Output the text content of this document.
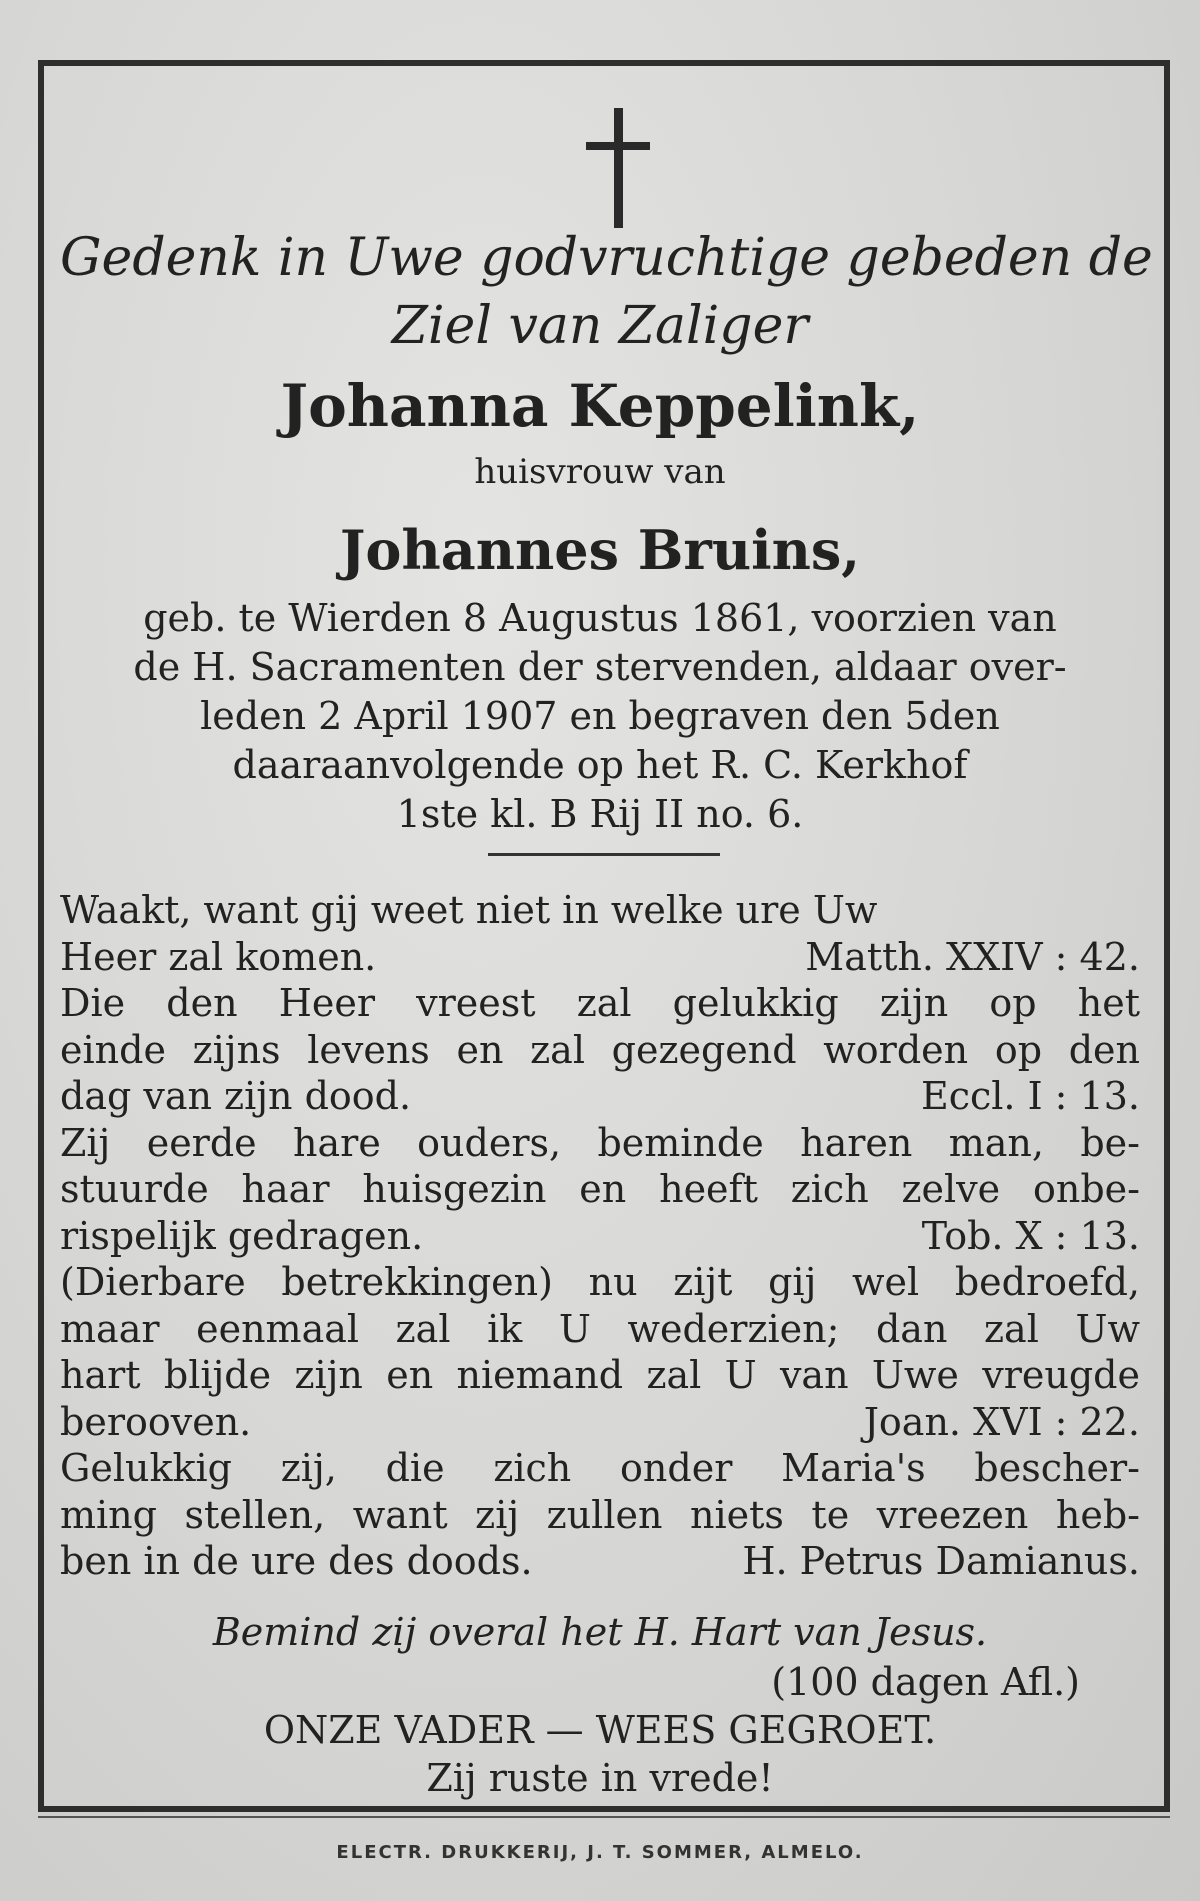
Gedenk in Uwe godvruchtige gebeden de
Ziel van Zaliger
Johanna Keppelink,
huisvrouw van
Johannes Bruins,
geb. te Wierden 8 Augustus 1861, voorzien van
de H. Sacramenten der stervenden, aldaar over-
leden 2 April 1907 en begraven den 5den
daaraanvolgende op het R. C. Kerkhof
1ste kl. B Rij II no. 6.
Waakt, want gij weet niet in welke ure Uw
Heer zal komen.	Matth. XXIV : 42.
Die den Heer vreest zal gelukkig zijn op het
einde zijns levens en zal gezegend worden op den
dag van zijn dood.	Eccl. I : 13.
Zij eerde hare ouders, beminde haren man, be-
stuurde haar huisgezin en heeft zich zelve onbe-
rispelijk gedragen.	Tob. X : 13.
(Dierbare betrekkingen) nu zijt gij wel bedroefd,
maar eenmaal zal ik U wederzien; dan zal Uw
hart blijde zijn en niemand zal U van Uwe vreugde
berooven.	Joan. XVI : 22.
Gelukkig zij, die zich onder Maria's bescher-
ming stellen, want zij zullen niets te vreezen heb-
ben in de ure des doods.	H. Petrus Damianus.
Bemind zij overal het H. Hart van Jesus.
(100 dagen Afl.)
ONZE VADER — WEES GEGROET.
Zij ruste in vrede!
ELECTR. DRUKKERIJ, J. T. SOMMER, ALMELO.
